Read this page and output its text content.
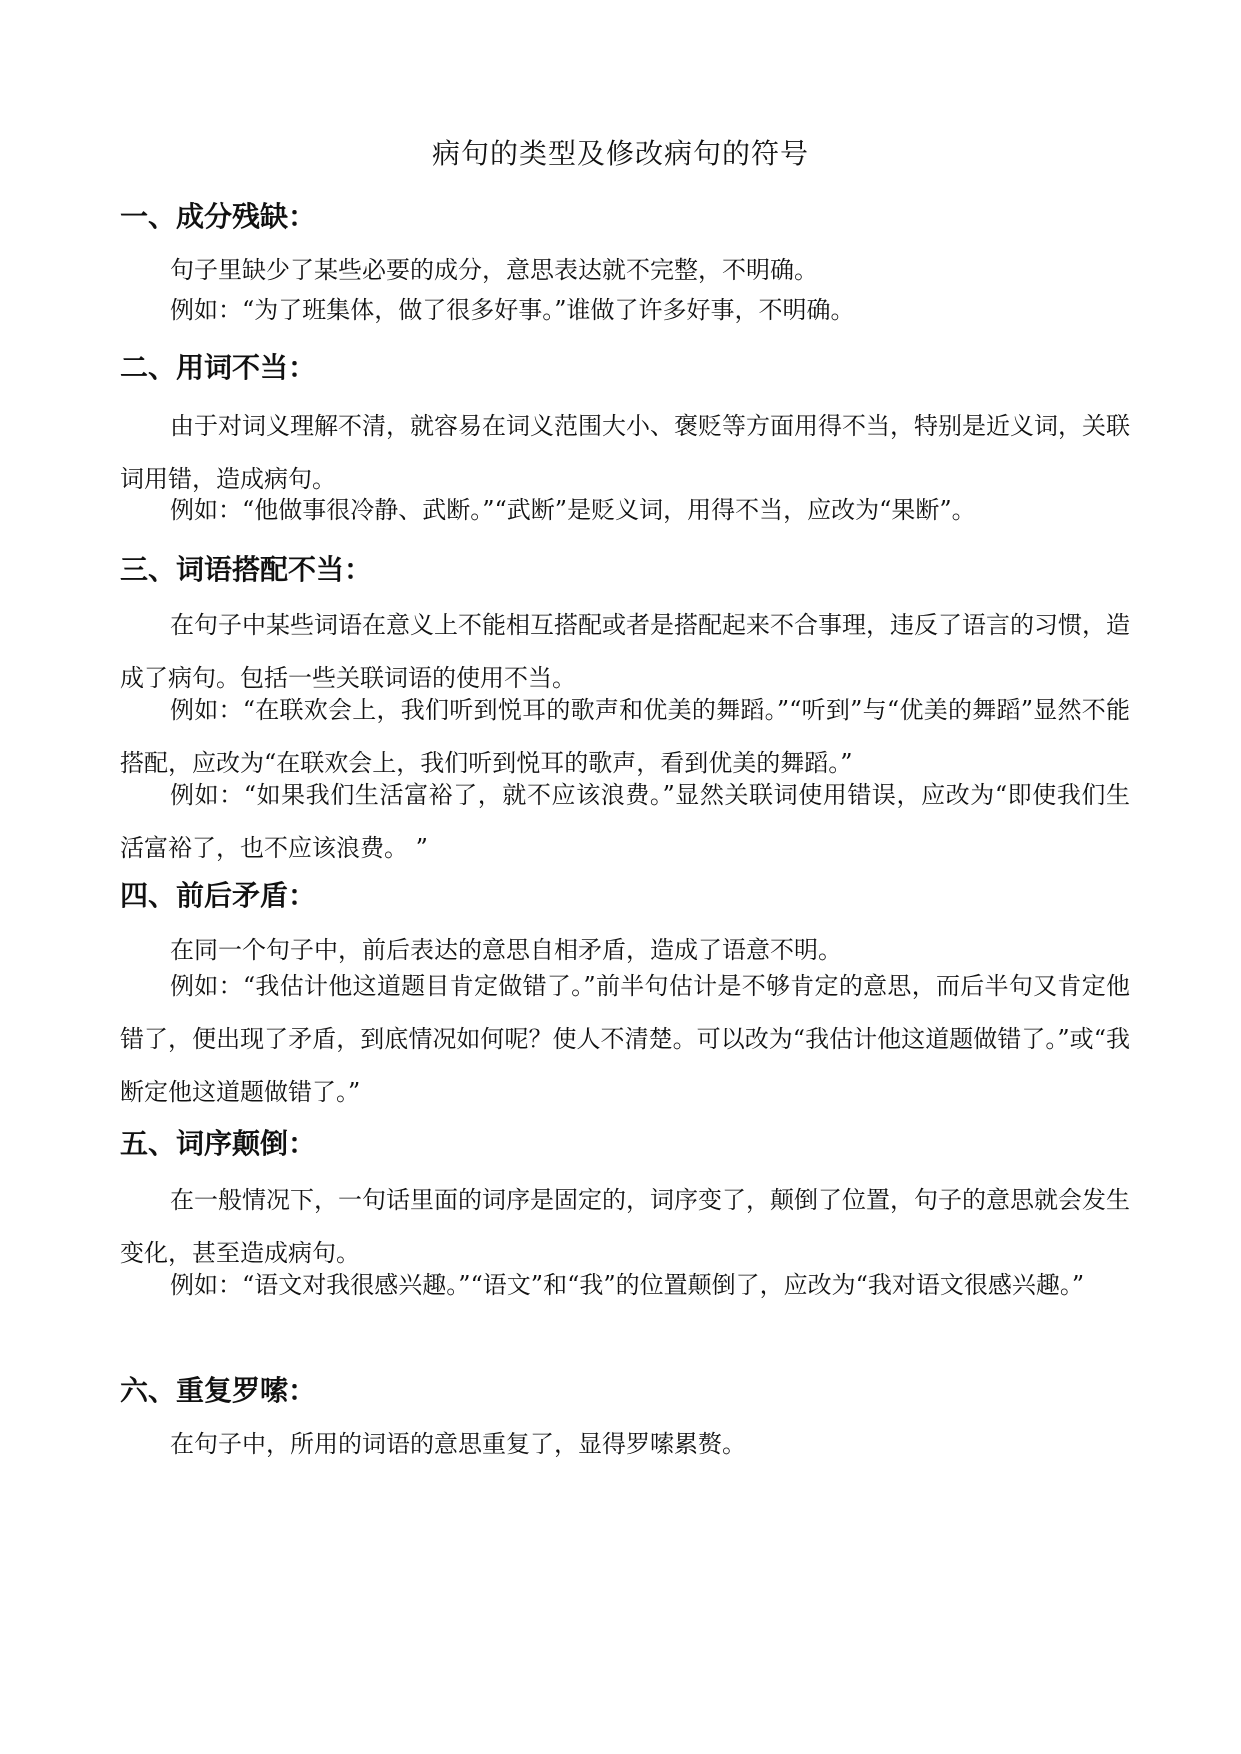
病句的类型及修改病句的符号
一、成分残缺：
句子里缺少了某些必要的成分，意思表达就不完整，不明确。
例如：“为了班集体，做了很多好事。”谁做了许多好事，不明确。
二、用词不当：
由于对词义理解不清，就容易在词义范围大小、褒贬等方面用得不当，特别是近义词，关联词用错，造成病句。
例如：“他做事很冷静、武断。”“武断”是贬义词，用得不当，应改为“果断”。
三、词语搭配不当：
在句子中某些词语在意义上不能相互搭配或者是搭配起来不合事理，违反了语言的习惯，造成了病句。包括一些关联词语的使用不当。
例如：“在联欢会上，我们听到悦耳的歌声和优美的舞蹈。”“听到”与“优美的舞蹈”显然不能搭配，应改为“在联欢会上，我们听到悦耳的歌声，看到优美的舞蹈。”
例如：“如果我们生活富裕了，就不应该浪费。”显然关联词使用错误，应改为“即使我们生活富裕了，也不应该浪费。 ”
四、前后矛盾：
在同一个句子中，前后表达的意思自相矛盾，造成了语意不明。
例如：“我估计他这道题目肯定做错了。”前半句估计是不够肯定的意思，而后半句又肯定他错了，便出现了矛盾，到底情况如何呢？使人不清楚。可以改为“我估计他这道题做错了。”或“我断定他这道题做错了。”
五、词序颠倒：
在一般情况下，一句话里面的词序是固定的，词序变了，颠倒了位置，句子的意思就会发生变化，甚至造成病句。
例如：“语文对我很感兴趣。”“语文”和“我”的位置颠倒了，应改为“我对语文很感兴趣。”
六、重复罗嗦：
在句子中，所用的词语的意思重复了，显得罗嗦累赘。
